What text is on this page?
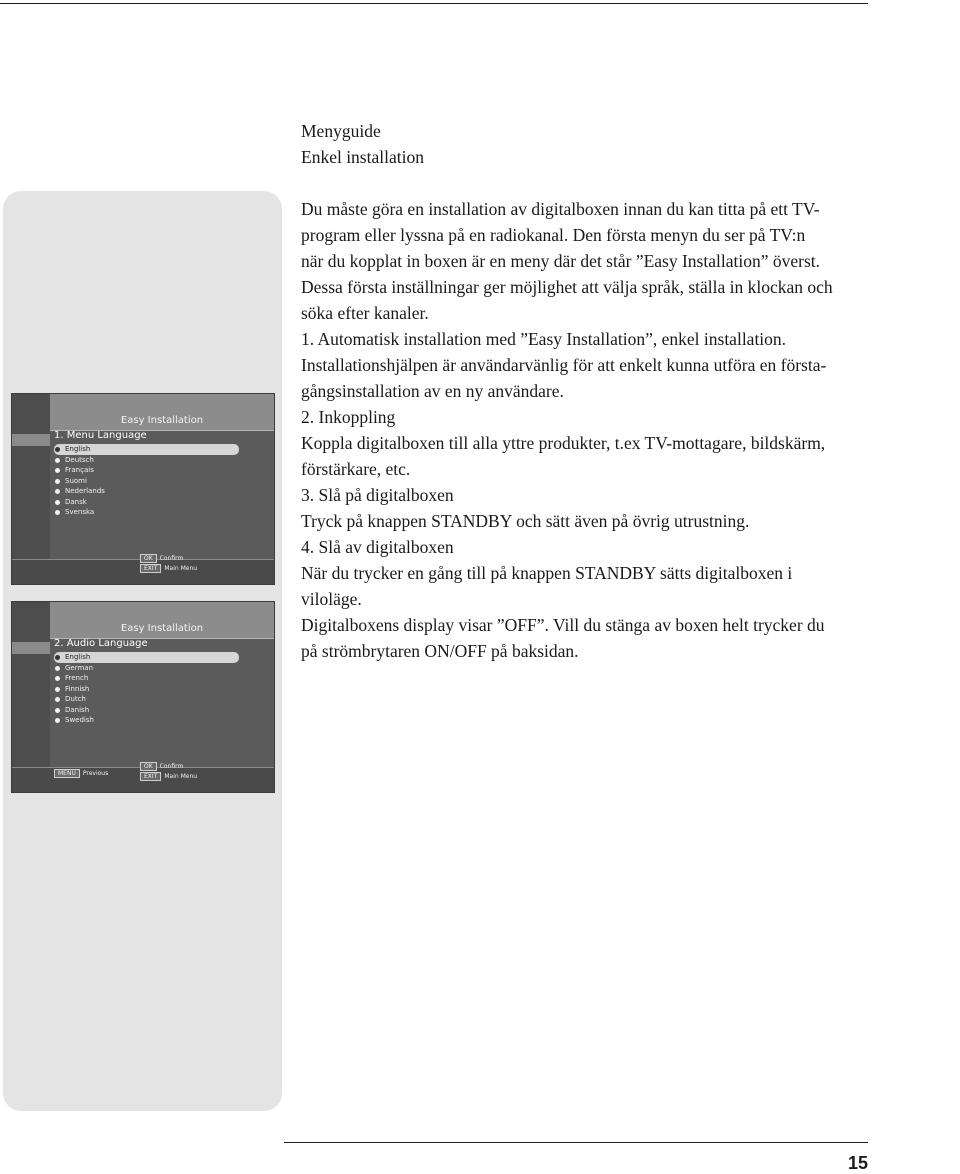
Easy Installation
1. Menu Language
English
Deutsch
Français
Suomi
Nederlands
Dansk
Svenska
OK Confirm
EXIT Main Menu
Easy Installation
2. Audio Language
English
German
French
Finnish
Dutch
Danish
Swedish
MENU Previous
OK Confirm
EXIT Main Menu

Menyguide

Enkel installation

Du måste göra en installation av digitalboxen innan du kan titta på ett TV-
program eller lyssna på en radiokanal. Den första menyn du ser på TV:n
när du kopplat in boxen är en meny där det står ”Easy Installation” överst.
Dessa första inställningar ger möjlighet att välja språk, ställa in klockan och
söka efter kanaler.

1. Automatisk installation med ”Easy Installation”, enkel installation.

Installationshjälpen är användarvänlig för att enkelt kunna utföra en första-
gångsinstallation av en ny användare.

2. Inkoppling

Koppla digitalboxen till alla yttre produkter, t.ex TV-mottagare, bildskärm,
förstärkare, etc.

3. Slå på digitalboxen

Tryck på knappen STANDBY och sätt även på övrig utrustning.

4. Slå av digitalboxen

När du trycker en gång till på knappen STANDBY sätts digitalboxen i
viloläge.

Digitalboxens display visar ”OFF”. Vill du stänga av boxen helt trycker du
på strömbrytaren ON/OFF på baksidan.

15
